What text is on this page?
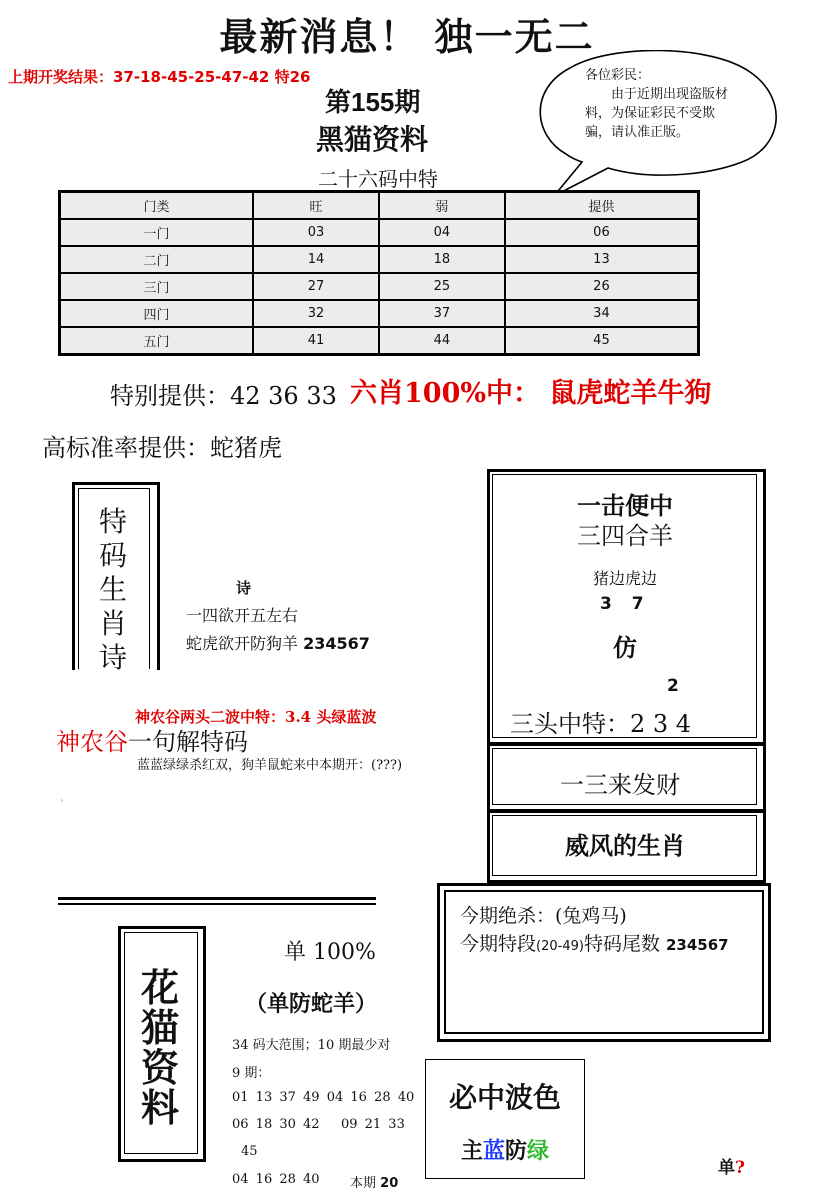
最新消息！ 独一无二
上期开奖结果：37-18-45-25-47-42 特26
第155期
黑猫资料
二十六码中特
各位彩民：
由于近期出现盗版材料，为保证彩民不受欺骗，请认准正版。
门类	旺	弱	提供
一门	03	04	06
二门	14	18	13
三门	27	25	26
四门	32	37	34
五门	41	44	45
特别提供：42 36 33 六肖100%中： 鼠虎蛇羊牛狗
高标准率提供：蛇猪虎
特
码
生
肖
诗
诗
一四欲开五左右
蛇虎欲开防狗羊 234567
神农谷两头二波中特：3.4 头绿蓝波
神农谷一句解特码
蓝蓝绿绿杀红双，狗羊鼠蛇来中本期开：(???)
`
一击便中
三四合羊
猪边虎边
3 7
仿
2
三头中特：2 3 4
一三来发财
威风的生肖
今期绝杀：(兔鸡马)
今期特段(20-49)特码尾数 234567
花
猫
资
料
单 100%
（单防蛇羊）
34 码大范围；10 期最少对
9 期：
01 13 37 49 04 16 28 40
06 18 30 42   09 21 33
45
04 16 28 40 本期 20
必中波色
主蓝防绿
单?
